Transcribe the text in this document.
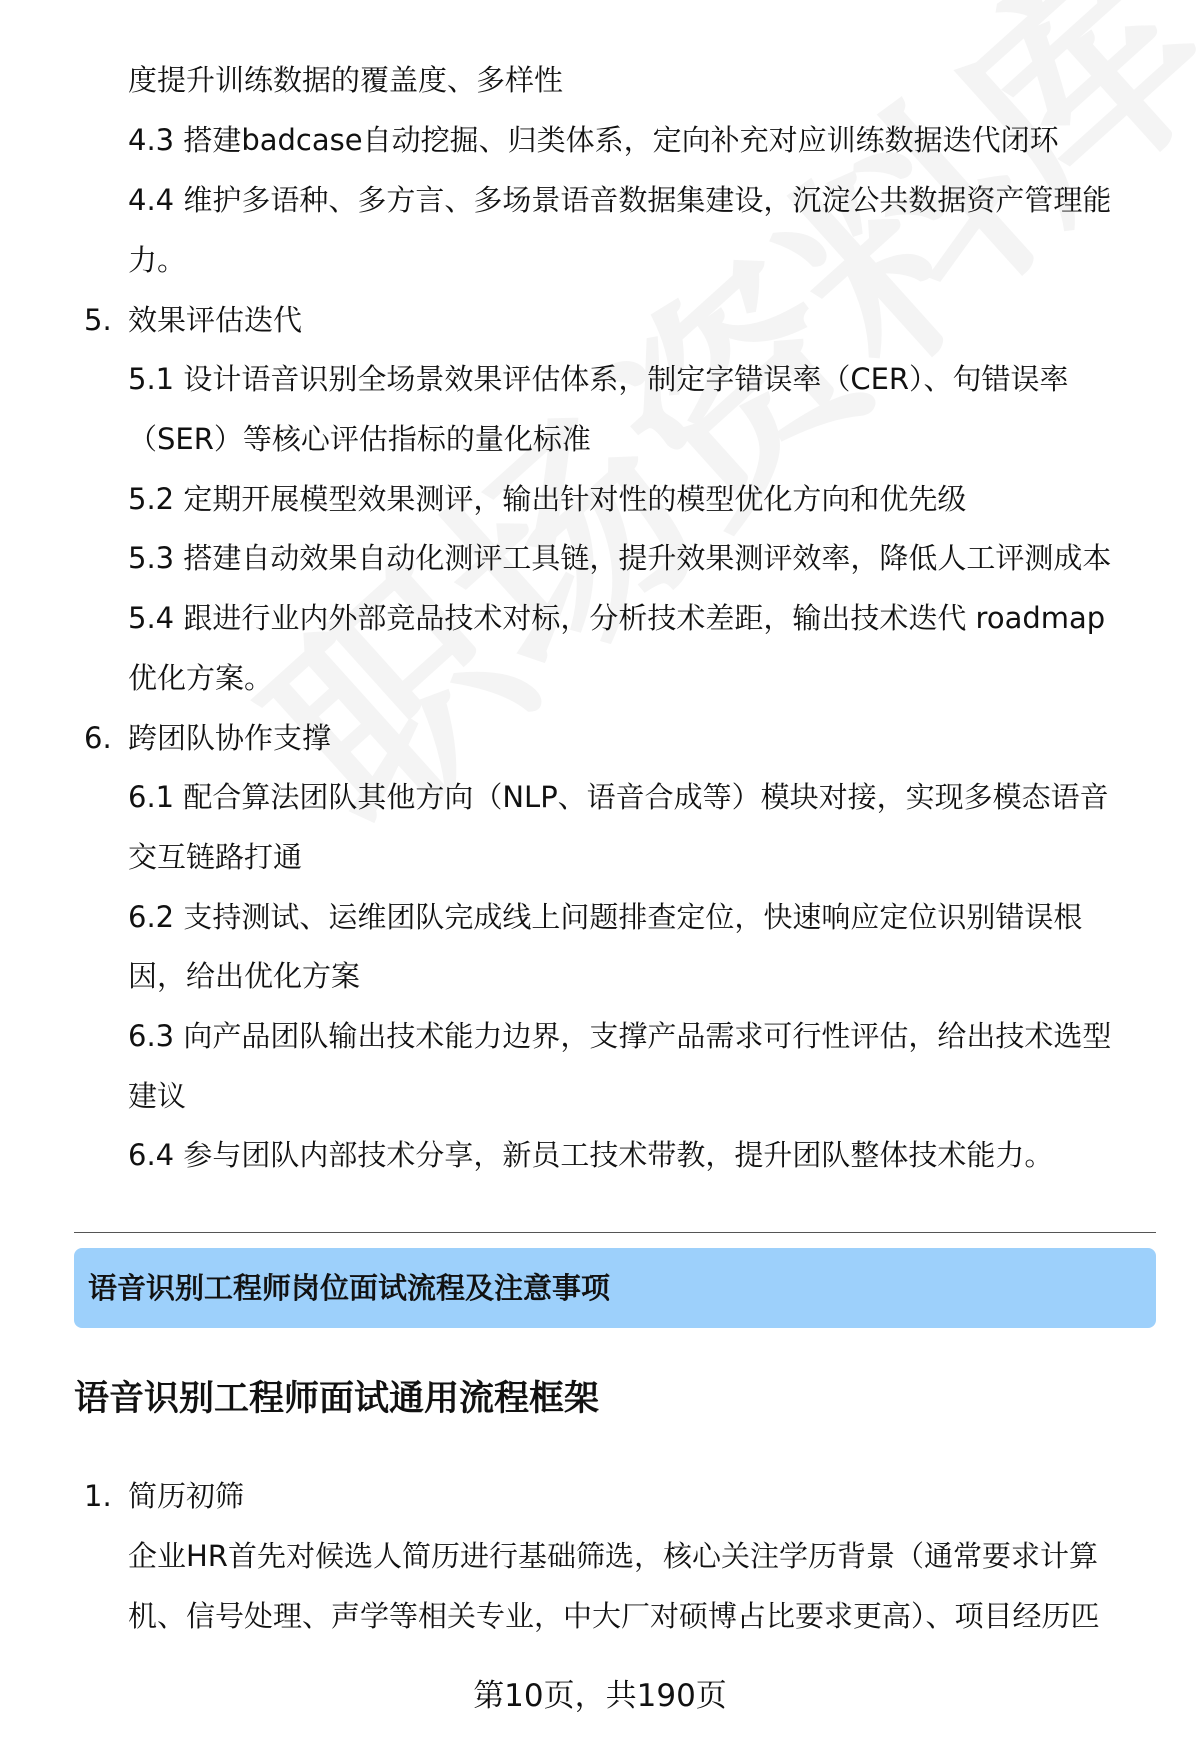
度提升训练数据的覆盖度、多样性
4.3 搭建badcase自动挖掘、归类体系，定向补充对应训练数据迭代闭环
4.4 维护多语种、多方言、多场景语音数据集建设，沉淀公共数据资产管理能
力。
5. 效果评估迭代
5.1 设计语音识别全场景效果评估体系，制定字错误率（CER）、句错误率
（SER）等核心评估指标的量化标准
5.2 定期开展模型效果测评，输出针对性的模型优化方向和优先级
5.3 搭建自动效果自动化测评工具链，提升效果测评效率，降低人工评测成本
5.4 跟进行业内外部竞品技术对标，分析技术差距，输出技术迭代 roadmap
优化方案。
6. 跨团队协作支撑
6.1 配合算法团队其他方向（NLP、语音合成等）模块对接，实现多模态语音
交互链路打通
6.2 支持测试、运维团队完成线上问题排查定位，快速响应定位识别错误根
因，给出优化方案
6.3 向产品团队输出技术能力边界，支撑产品需求可行性评估，给出技术选型
建议
6.4 参与团队内部技术分享，新员工技术带教，提升团队整体技术能力。
语音识别工程师岗位面试流程及注意事项
语音识别工程师面试通用流程框架
1. 简历初筛
企业HR首先对候选人简历进行基础筛选，核心关注学历背景（通常要求计算
机、信号处理、声学等相关专业，中大厂对硕博占比要求更高）、项目经历匹
第10页，共190页
